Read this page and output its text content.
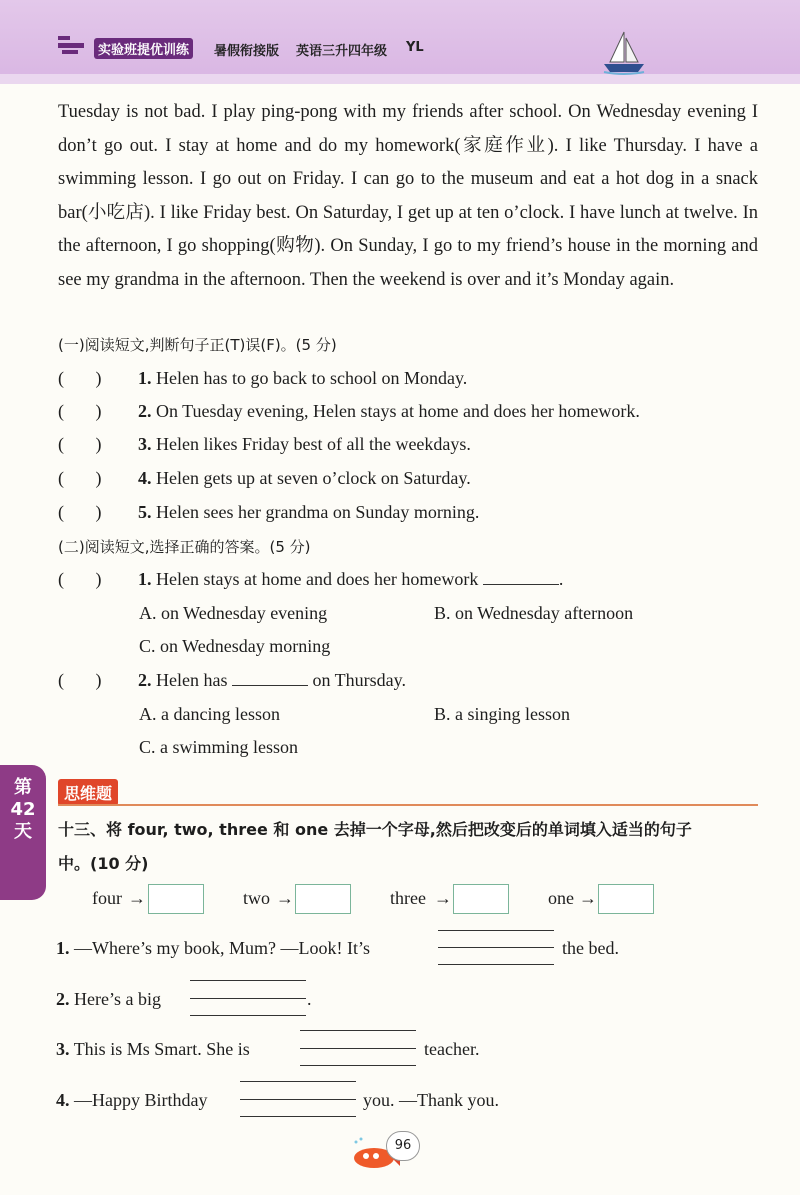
实验班提优训练	暑假衔接版 英语三升四年级 YL
Tuesday is not bad. I play ping-pong with my friends after school. On Wednesday evening I don’t go out. I stay at home and do my homework(家庭作业). I like Thursday. I have a swimming lesson. I go out on Friday. I can go to the museum and eat a hot dog in a snack bar(小吃店). I like Friday best. On Saturday, I get up at ten o’clock. I have lunch at twelve. In the afternoon, I go shopping(购物). On Sunday, I go to my friend’s house in the morning and see my grandma in the afternoon. Then the weekend is over and it’s Monday again.
(一)阅读短文,判断句子正(T)误(F)。(5 分)
(       ) 1. Helen has to go back to school on Monday.
(       ) 2. On Tuesday evening, Helen stays at home and does her homework.
(       ) 3. Helen likes Friday best of all the weekdays.
(       ) 4. Helen gets up at seven o’clock on Saturday.
(       ) 5. Helen sees her grandma on Sunday morning.
(二)阅读短文,选择正确的答案。(5 分)
(       ) 1. Helen stays at home and does her homework	.
A. on Wednesday evening	B. on Wednesday afternoon
C. on Wednesday morning
(       ) 2. Helen has	on Thursday.
A. a dancing lesson	B. a singing lesson
C. a swimming lesson
第
42
天
思维题
十三、将 four, two, three 和 one 去掉一个字母,然后把改变后的单词填入适当的句子
中。(10 分)
four →	two →	three →	one →
1. —Where’s my book, Mum? —Look! It’s	the bed.
2. Here’s a big	.
3. This is Ms Smart. She is	teacher.
4. —Happy Birthday	you. —Thank you.
96
